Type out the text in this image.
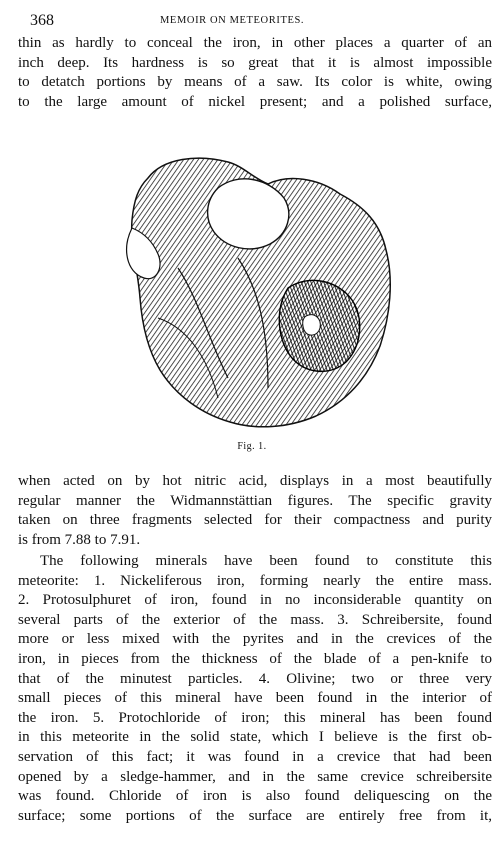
368	MEMOIR ON METEORITES.
thin as hardly to conceal the iron, in other places a quarter of an
inch deep. Its hardness is so great that it is almost impossible
to detatch portions by means of a saw. Its color is white, owing
to the large amount of nickel present; and a polished surface,
Fig. 1.
when acted on by hot nitric acid, displays in a most beautifully
regular manner the Widmannstättian figures. The specific gravity
taken on three fragments selected for their compactness and purity
is from 7.88 to 7.91.
The following minerals have been found to constitute this
meteorite: 1. Nickeliferous iron, forming nearly the entire mass.
2. Protosulphuret of iron, found in no inconsiderable quantity on
several parts of the exterior of the mass. 3. Schreibersite, found
more or less mixed with the pyrites and in the crevices of the
iron, in pieces from the thickness of the blade of a pen-knife to
that of the minutest particles. 4. Olivine; two or three very
small pieces of this mineral have been found in the interior of
the iron. 5. Protochloride of iron; this mineral has been found
in this meteorite in the solid state, which I believe is the first ob-
servation of this fact; it was found in a crevice that had been
opened by a sledge-hammer, and in the same crevice schreibersite
was found. Chloride of iron is also found deliquescing on the
surface; some portions of the surface are entirely free from it,
